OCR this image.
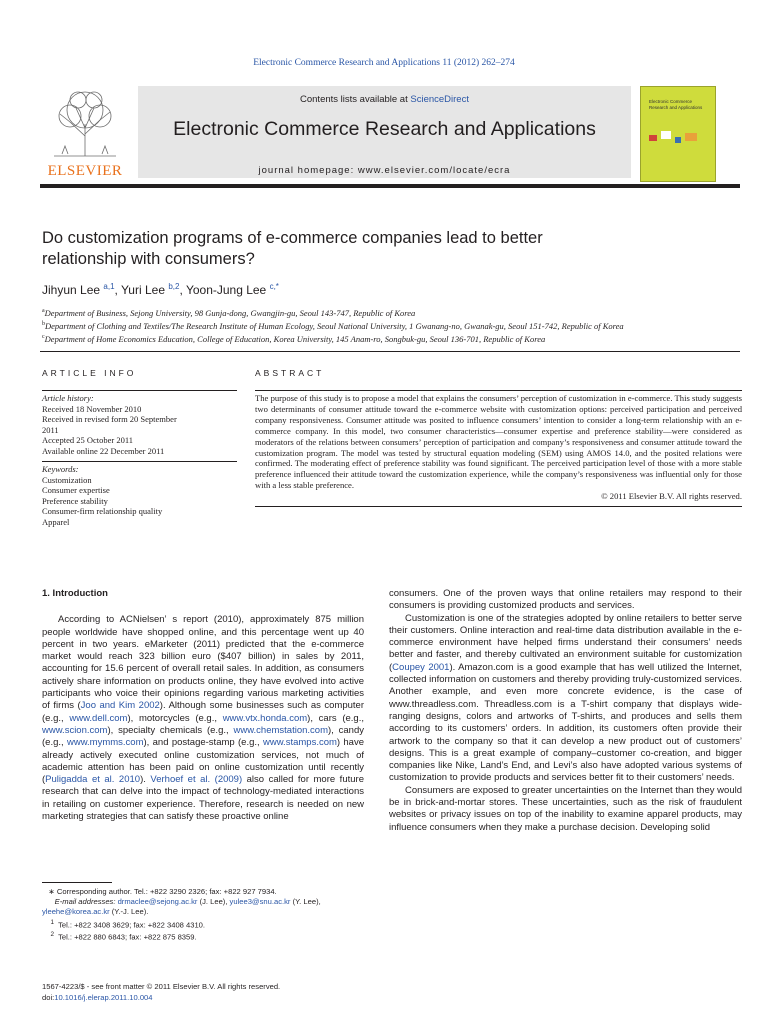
Electronic Commerce Research and Applications 11 (2012) 262–274
ELSEVIER
Contents lists available at ScienceDirect
Electronic Commerce Research and Applications
journal homepage: www.elsevier.com/locate/ecra
Electronic Commerce Research and Applications
Do customization programs of e-commerce companies lead to better
relationship with consumers?
Jihyun Lee $^{a,1}$, Yuri Lee $^{b,2}$, Yoon-Jung Lee $^{c,*}$
$^a$Department of Business, Sejong University, 98 Gunja-dong, Gwangjin-gu, Seoul 143-747, Republic of Korea
$^b$Department of Clothing and Textiles/The Research Institute of Human Ecology, Seoul National University, 1 Gwanang-no, Gwanak-gu, Seoul 151-742, Republic of Korea
$^c$Department of Home Economics Education, College of Education, Korea University, 145 Anam-ro, Songbuk-gu, Seoul 136-701, Republic of Korea
ARTICLE INFO
Article history:
Received 18 November 2010
Received in revised form 20 September
2011
Accepted 25 October 2011
Available online 22 December 2011
Keywords:
Customization
Consumer expertise
Preference stability
Consumer-firm relationship quality
Apparel
ABSTRACT
The purpose of this study is to propose a model that explains the consumers’ perception of customization in e-commerce. This study suggests two determinants of consumer attitude toward the e-commerce website with customization options: perceived participation and perceived company responsiveness. Consumer attitude was posited to influence consumers’ intention to consider a long-term relationship with an e-commerce company. In this model, two consumer characteristics—consumer expertise and preference stability—were considered as moderators of the relations between consumers’ perception of participation and company’s responsiveness and consumer attitude toward the customization program. The model was tested by structural equation modeling (SEM) using AMOS 14.0, and the posited relations were confirmed. The moderating effect of preference stability was found significant. The perceived participation level of those with a more stable preference influenced their attitude toward the customization experience, while the company’s responsiveness was influential only for those with a less stable preference.
© 2011 Elsevier B.V. All rights reserved.
1. Introduction

According to ACNielsen’ s report (2010), approximately 875 million people worldwide have shopped online, and this percentage went up 40 percent in two years. eMarketer (2011) predicted that the e-commerce market would reach 323 billion euro ($407 billion) in sales by 2011, accounting for 15.6 percent of overall retail sales. In addition, as consumers actively share information on products online, they have evolved into active participants who voice their opinions regarding various marketing activities of firms (Joo and Kim 2002). Although some businesses such as computer (e.g., www.dell.com), motorcycles (e.g., www.vtx.honda.com), cars (e.g., www.scion.com), specialty chemicals (e.g., www.chemstation.com), candy (e.g., www.mymms.com), and postage-stamp (e.g., www.stamps.com) have already actively executed online customization services, not much of academic attention has been paid on online customization until recently (Puligadda et al. 2010). Verhoef et al. (2009) also called for more future research that can delve into the impact of technology-mediated interactions in retailing on customer experience. Therefore, research is needed on new marketing strategies that can satisfy these proactive online

consumers. One of the proven ways that online retailers may respond to their consumers is providing customized products and services.

Customization is one of the strategies adopted by online retailers to better serve their customers. Online interaction and real-time data distribution available in the e-commerce environment have helped firms understand their consumers’ needs better and faster, and thereby cultivated an environment suitable for customization (Coupey 2001). Amazon.com is a good example that has well utilized the Internet, collected information on customers and thereby providing truly-customized services. Another example, and even more concrete evidence, is the case of www.threadless.com. Threadless.com is a T-shirt company that displays wide-ranging designs, colors and artworks of T-shirts, and produces and sells them according to its customers’ orders. In addition, its customers often provide their artwork to the company so that it can develop a new product out of customers’ designs. This is a great example of company–customer co-creation, and bigger companies like Nike, Land’s End, and Levi’s also have adopted various systems of customization to provide products and services better fit to their customers’ needs.

Consumers are exposed to greater uncertainties on the Internet than they would be in brick-and-mortar stores. These uncertainties, such as the risk of fraudulent websites or privacy issues on top of the inability to examine apparel products, may influence consumers when they make a purchase decision. Developing solid

∗ Corresponding author. Tel.: +822 3290 2326; fax: +822 927 7934.
E-mail addresses: drmaclee@sejong.ac.kr (J. Lee), yulee3@snu.ac.kr (Y. Lee),
yleehe@korea.ac.kr (Y.-J. Lee).
$^1$ Tel.: +822 3408 3629; fax: +822 3408 4310.
$^2$ Tel.: +822 880 6843; fax: +822 875 8359.
1567-4223/$ - see front matter © 2011 Elsevier B.V. All rights reserved.
doi:10.1016/j.elerap.2011.10.004
